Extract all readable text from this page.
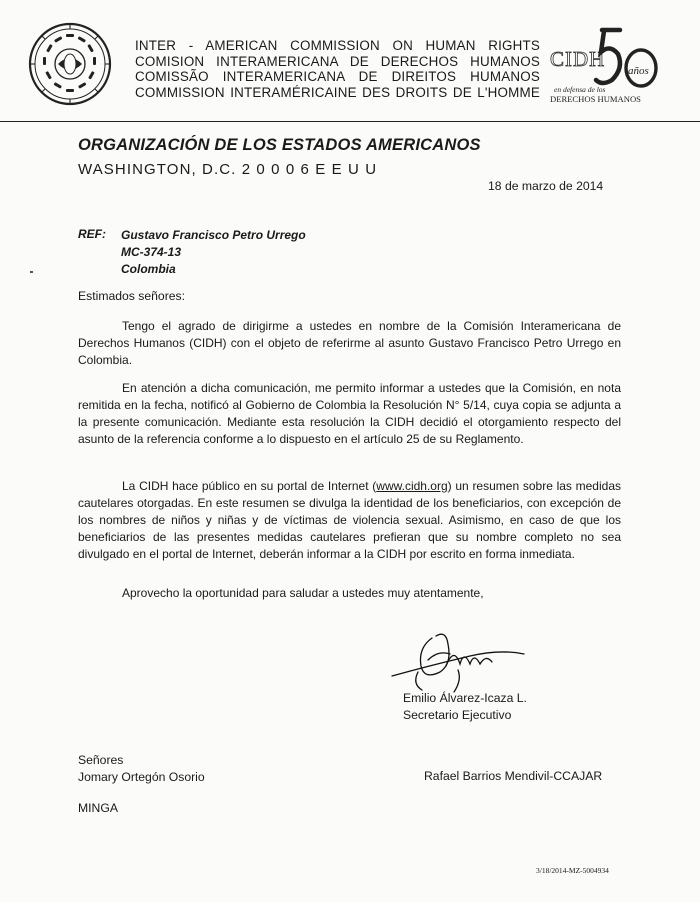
INTER - AMERICAN COMMISSION ON HUMAN RIGHTS
COMISION INTERAMERICANA DE DERECHOS HUMANOS
COMISSÃO INTERAMERICANA DE DIREITOS HUMANOS
COMMISSION INTERAMÉRICAINE DES DROITS DE L'HOMME
CIDH años
en defensa de los
DERECHOS HUMANOS
ORGANIZACIÓN DE LOS ESTADOS AMERICANOS
WASHINGTON, D.C. 2 0 0 0 6 E E U U
18 de marzo de 2014
REF: Gustavo Francisco Petro Urrego
MC-374-13
Colombia
Estimados señores:
Tengo el agrado de dirigirme a ustedes en nombre de la Comisión Interamericana de Derechos Humanos (CIDH) con el objeto de referirme al asunto Gustavo Francisco Petro Urrego en Colombia.
En atención a dicha comunicación, me permito informar a ustedes que la Comisión, en nota remitida en la fecha, notificó al Gobierno de Colombia la Resolución N° 5/14, cuya copia se adjunta a la presente comunicación. Mediante esta resolución la CIDH decidió el otorgamiento respecto del asunto de la referencia conforme a lo dispuesto en el artículo 25 de su Reglamento.
La CIDH hace público en su portal de Internet (www.cidh.org) un resumen sobre las medidas cautelares otorgadas. En este resumen se divulga la identidad de los beneficiarios, con excepción de los nombres de niños y niñas y de víctimas de violencia sexual. Asimismo, en caso de que los beneficiarios de las presentes medidas cautelares prefieran que su nombre completo no sea divulgado en el portal de Internet, deberán informar a la CIDH por escrito en forma inmediata.
Aprovecho la oportunidad para saludar a ustedes muy atentamente,
Emilio Álvarez-Icaza L.
Secretario Ejecutivo
Señores
Jomary Ortegón Osorio	Rafael Barrios Mendivil-CCAJAR
MINGA
3/18/2014-MZ-5004934
